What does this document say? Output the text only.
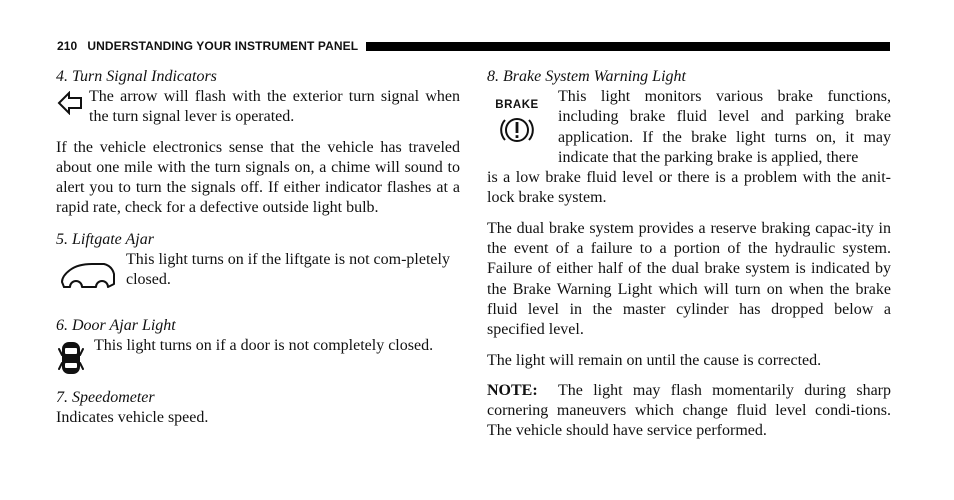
210 UNDERSTANDING YOUR INSTRUMENT PANEL

4. Turn Signal Indicators

The arrow will flash with the exterior turn signal when the turn signal lever is operated.

If the vehicle electronics sense that the vehicle has traveled about one mile with the turn signals on, a chime will sound to alert you to turn the signals off. If either indicator flashes at a rapid rate, check for a defective outside light bulb.

5. Liftgate Ajar

This light turns on if the liftgate is not com-pletely closed.

6. Door Ajar Light

This light turns on if a door is not completely closed.

7. Speedometer

Indicates vehicle speed.

8. Brake System Warning Light

BRAKE This light monitors various brake functions, including brake fluid level and parking brake application. If the brake light turns on, it may indicate that the parking brake is applied, there

is a low brake fluid level or there is a problem with the anit-lock brake system.

The dual brake system provides a reserve braking capac-ity in the event of a failure to a portion of the hydraulic system. Failure of either half of the dual brake system is indicated by the Brake Warning Light which will turn on when the brake fluid level in the master cylinder has dropped below a specified level.

The light will remain on until the cause is corrected.

NOTE: The light may flash momentarily during sharp cornering maneuvers which change fluid level condi-tions. The vehicle should have service performed.
